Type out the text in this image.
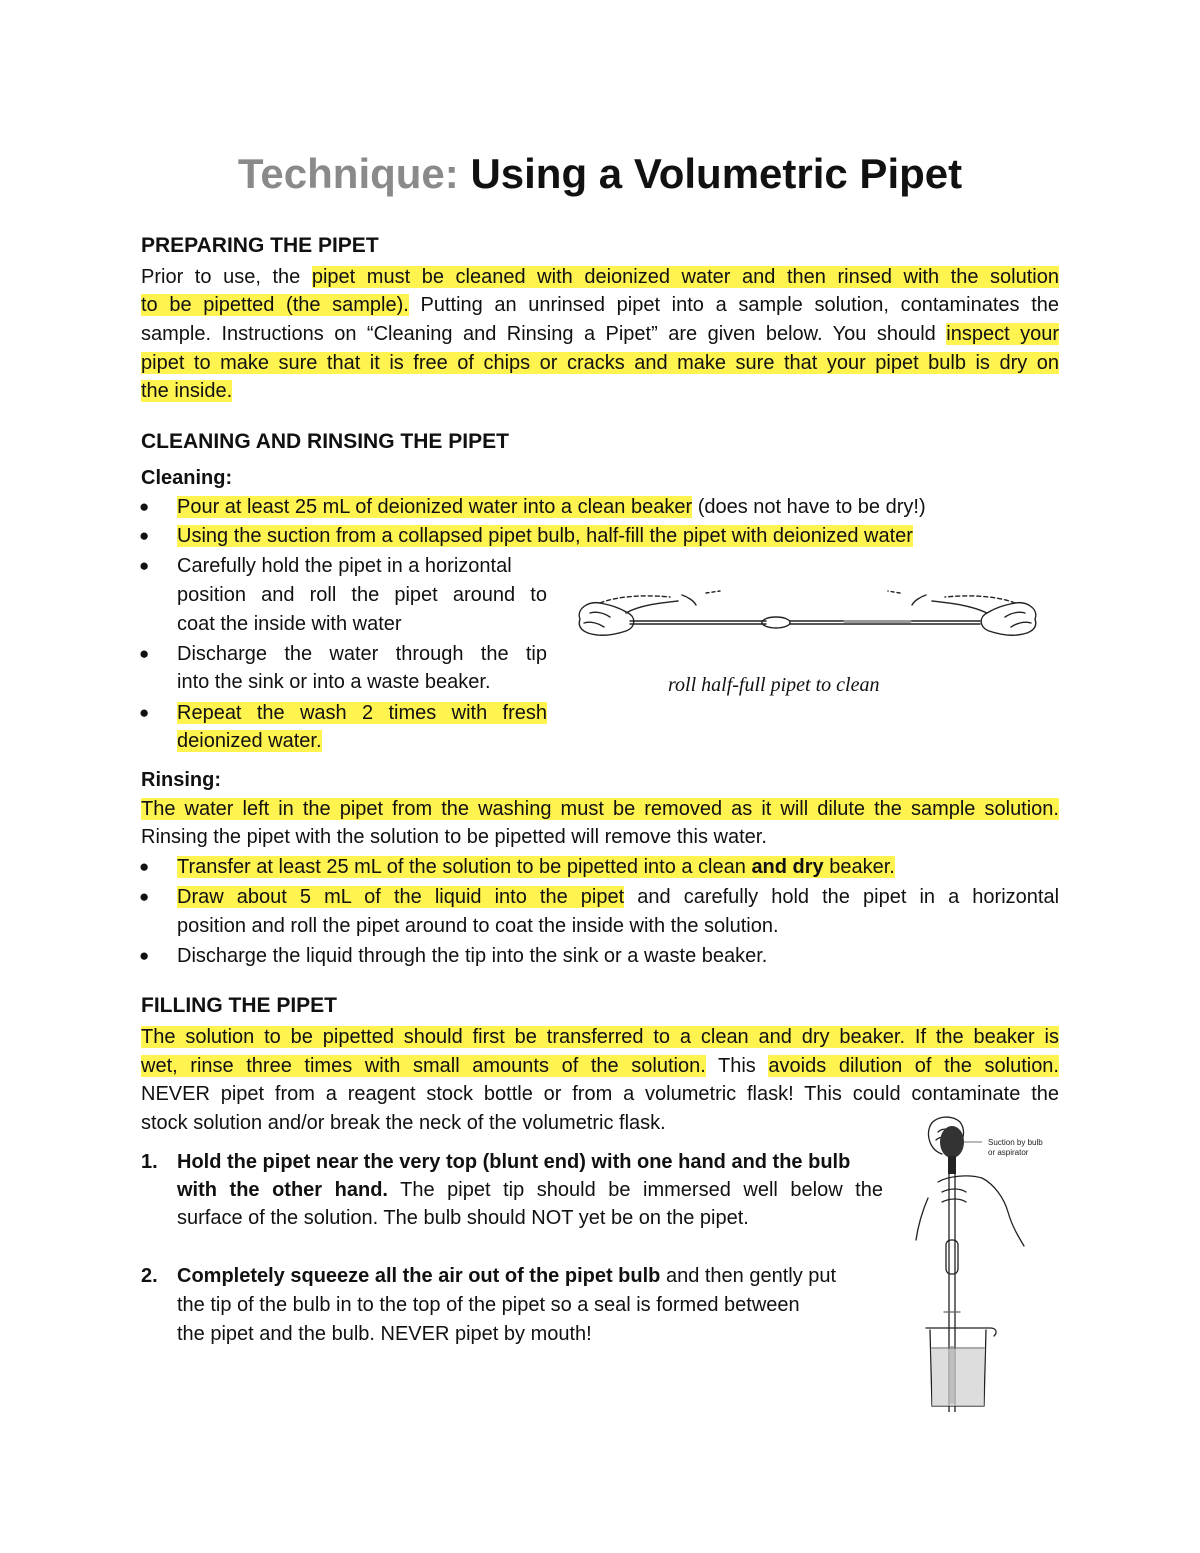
Technique: Using a Volumetric Pipet
PREPARING THE PIPET
Prior to use, the pipet must be cleaned with deionized water and then rinsed with the solution
to be pipetted (the sample). Putting an unrinsed pipet into a sample solution, contaminates the
sample. Instructions on “Cleaning and Rinsing a Pipet” are given below. You should inspect your
pipet to make sure that it is free of chips or cracks and make sure that your pipet bulb is dry on
the inside.
CLEANING AND RINSING THE PIPET
Cleaning:
● Pour at least 25 mL of deionized water into a clean beaker (does not have to be dry!)
● Using the suction from a collapsed pipet bulb, half-fill the pipet with deionized water
● Carefully hold the pipet in a horizontal
position and roll the pipet around to
coat the inside with water
● Discharge the water through the tip
into the sink or into a waste beaker.
● Repeat the wash 2 times with fresh
deionized water.
roll half-full pipet to clean
Rinsing:
The water left in the pipet from the washing must be removed as it will dilute the sample solution.
Rinsing the pipet with the solution to be pipetted will remove this water.
● Transfer at least 25 mL of the solution to be pipetted into a clean and dry beaker.
● Draw about 5 mL of the liquid into the pipet and carefully hold the pipet in a horizontal
position and roll the pipet around to coat the inside with the solution.
● Discharge the liquid through the tip into the sink or a waste beaker.
FILLING THE PIPET
The solution to be pipetted should first be transferred to a clean and dry beaker. If the beaker is
wet, rinse three times with small amounts of the solution. This avoids dilution of the solution.
NEVER pipet from a reagent stock bottle or from a volumetric flask! This could contaminate the
stock solution and/or break the neck of the volumetric flask.
1. Hold the pipet near the very top (blunt end) with one hand and the bulb
with the other hand. The pipet tip should be immersed well below the
surface of the solution. The bulb should NOT yet be on the pipet.
2. Completely squeeze all the air out of the pipet bulb and then gently put
the tip of the bulb in to the top of the pipet so a seal is formed between
the pipet and the bulb. NEVER pipet by mouth!
Suction by bulb
or aspirator
